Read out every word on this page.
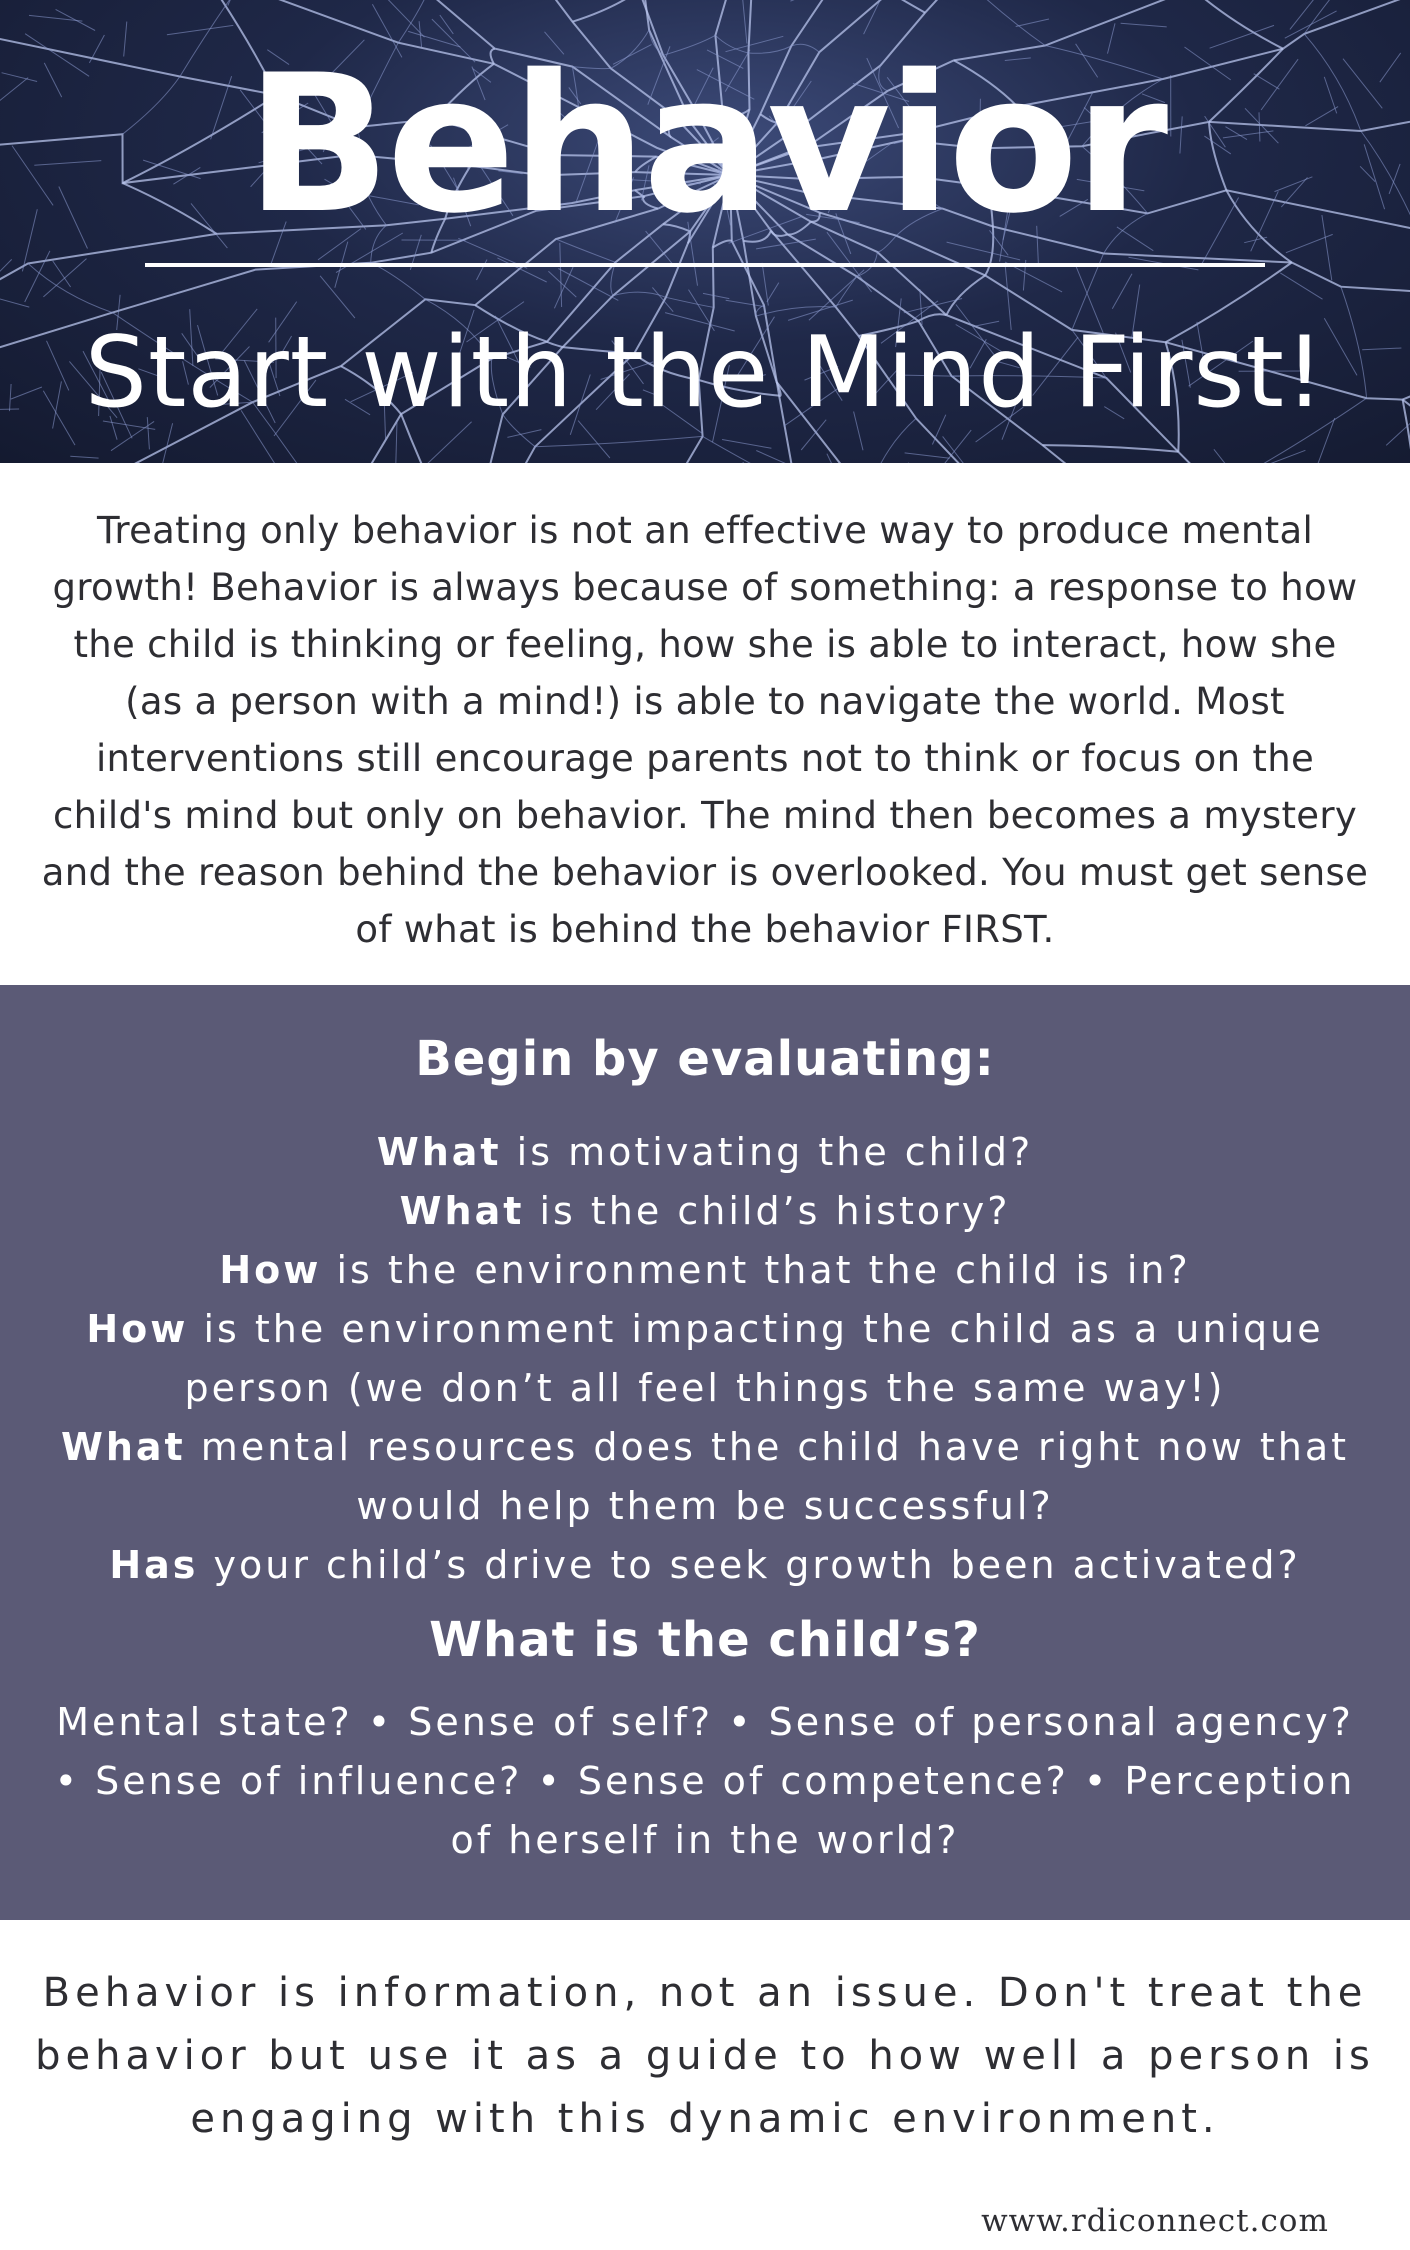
Behavior
Start with the Mind First!

Treating only behavior is not an effective way to produce mental growth! Behavior is always because of something: a response to how the child is thinking or feeling, how she is able to interact, how she (as a person with a mind!) is able to navigate the world. Most interventions still encourage parents not to think or focus on the child's mind but only on behavior. The mind then becomes a mystery and the reason behind the behavior is overlooked. You must get sense of what is behind the behavior FIRST.

Begin by evaluating:
What is motivating the child?
What is the child’s history?
How is the environment that the child is in?
How is the environment impacting the child as a unique person (we don’t all feel things the same way!)
What mental resources does the child have right now that would help them be successful?
Has your child’s drive to seek growth been activated?
What is the child’s?
Mental state? • Sense of self? • Sense of personal agency? • Sense of influence? • Sense of competence? • Perception of herself in the world?
Behavior is information, not an issue. Don't treat the behavior but use it as a guide to how well a person is engaging with this dynamic environment.
www.rdiconnect.com
